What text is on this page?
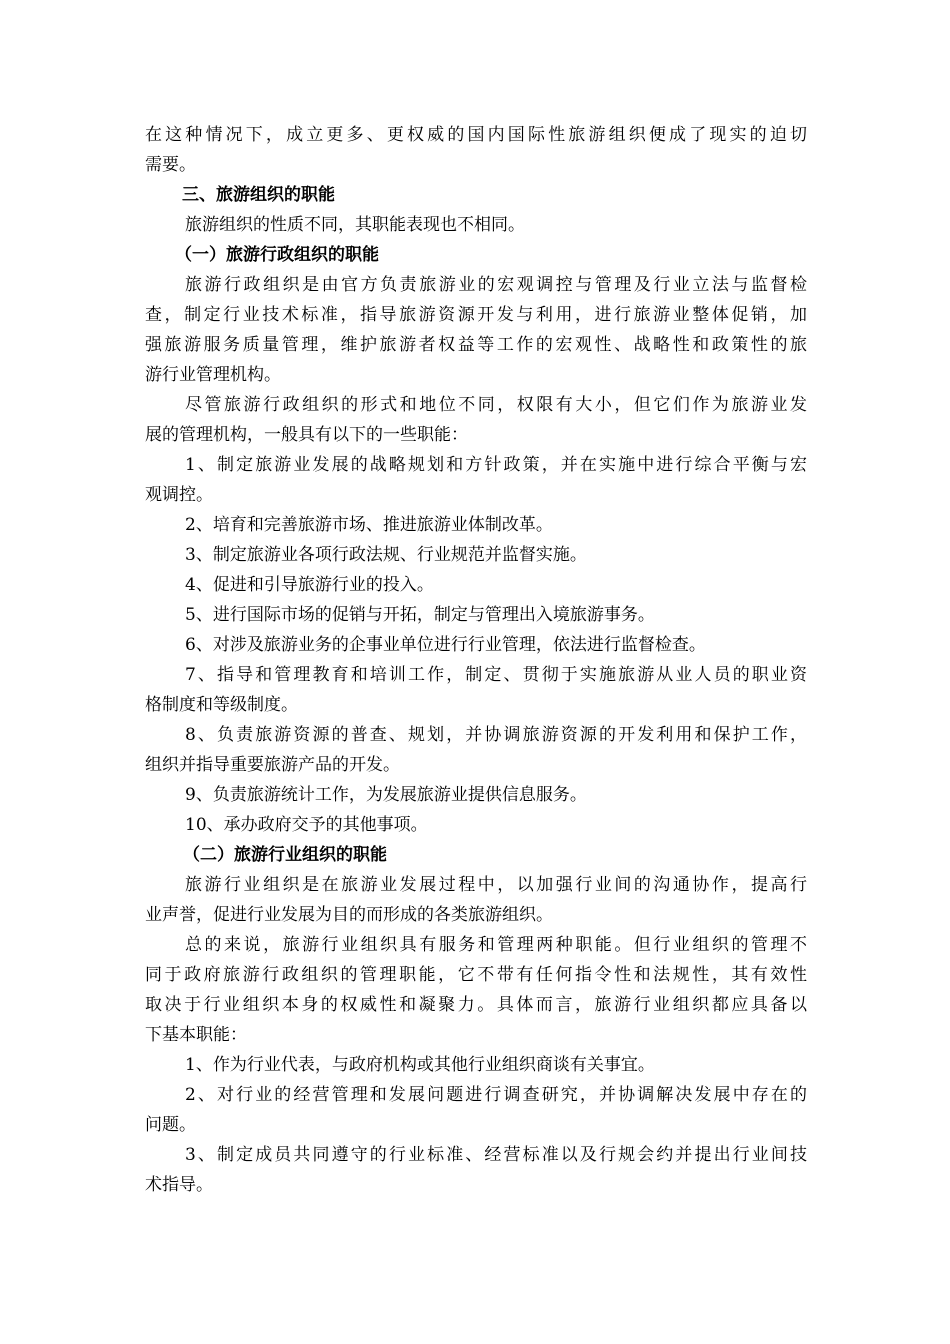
在这种情况下，成立更多、更权威的国内国际性旅游组织便成了现实的迫切
需要。
三、旅游组织的职能
旅游组织的性质不同，其职能表现也不相同。
（一）旅游行政组织的职能
旅游行政组织是由官方负责旅游业的宏观调控与管理及行业立法与监督检
查，制定行业技术标准，指导旅游资源开发与利用，进行旅游业整体促销，加
强旅游服务质量管理，维护旅游者权益等工作的宏观性、战略性和政策性的旅
游行业管理机构。
尽管旅游行政组织的形式和地位不同，权限有大小，但它们作为旅游业发
展的管理机构，一般具有以下的一些职能：
1、制定旅游业发展的战略规划和方针政策，并在实施中进行综合平衡与宏
观调控。
2、培育和完善旅游市场、推进旅游业体制改革。
3、制定旅游业各项行政法规、行业规范并监督实施。
4、促进和引导旅游行业的投入。
5、进行国际市场的促销与开拓，制定与管理出入境旅游事务。
6、对涉及旅游业务的企事业单位进行行业管理，依法进行监督检查。
7、指导和管理教育和培训工作，制定、贯彻于实施旅游从业人员的职业资
格制度和等级制度。
8、负责旅游资源的普查、规划，并协调旅游资源的开发利用和保护工作，
组织并指导重要旅游产品的开发。
9、负责旅游统计工作，为发展旅游业提供信息服务。
10、承办政府交予的其他事项。
（二）旅游行业组织的职能
旅游行业组织是在旅游业发展过程中，以加强行业间的沟通协作，提高行
业声誉，促进行业发展为目的而形成的各类旅游组织。
总的来说，旅游行业组织具有服务和管理两种职能。但行业组织的管理不
同于政府旅游行政组织的管理职能，它不带有任何指令性和法规性，其有效性
取决于行业组织本身的权威性和凝聚力。具体而言，旅游行业组织都应具备以
下基本职能：
1、作为行业代表，与政府机构或其他行业组织商谈有关事宜。
2、对行业的经营管理和发展问题进行调查研究，并协调解决发展中存在的
问题。
3、制定成员共同遵守的行业标准、经营标准以及行规会约并提出行业间技
术指导。
